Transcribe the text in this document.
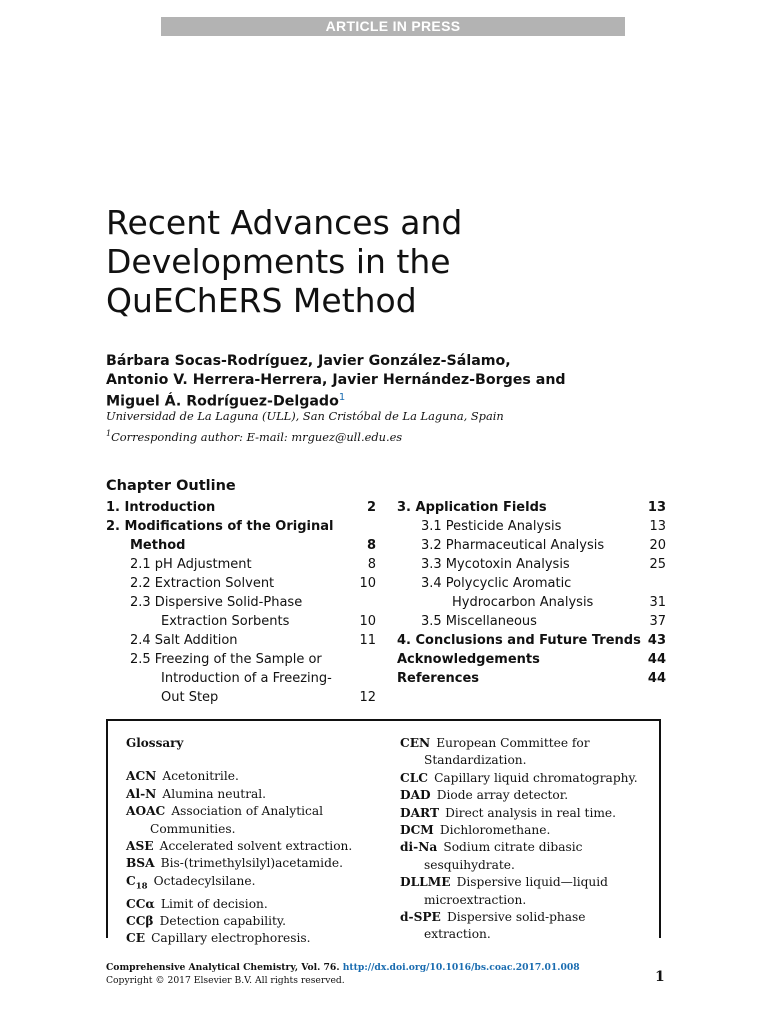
ARTICLE IN PRESS
Recent Advances and
Developments in the
QuEChERS Method
Bárbara Socas-Rodríguez, Javier González-Sálamo,
Antonio V. Herrera-Herrera, Javier Hernández-Borges and
Miguel Á. Rodríguez-Delgado$^1$
Universidad de La Laguna (ULL), San Cristóbal de La Laguna, Spain
$^1$Corresponding author: E-mail: mrguez@ull.edu.es
Chapter Outline
1. Introduction	2
2. Modifications of the Original
Method	8
2.1 pH Adjustment	8
2.2 Extraction Solvent	10
2.3 Dispersive Solid-Phase
Extraction Sorbents	10
2.4 Salt Addition	11
2.5 Freezing of the Sample or
Introduction of a Freezing-
Out Step	12
3. Application Fields	13
3.1 Pesticide Analysis	13
3.2 Pharmaceutical Analysis	20
3.3 Mycotoxin Analysis	25
3.4 Polycyclic Aromatic
Hydrocarbon Analysis	31
3.5 Miscellaneous	37
4. Conclusions and Future Trends 43
Acknowledgements	44
References	44
Glossary
ACN  Acetonitrile.
Al-N  Alumina neutral.
AOAC  Association of Analytical
Communities.
ASE  Accelerated solvent extraction.
BSA  Bis-(trimethylsilyl)acetamide.
$C_{18}$  Octadecylsilane.
CCα  Limit of decision.
CCβ  Detection capability.
CE  Capillary electrophoresis.
CEN  European Committee for
Standardization.
CLC  Capillary liquid chromatography.
DAD  Diode array detector.
DART  Direct analysis in real time.
DCM  Dichloromethane.
di-Na  Sodium citrate dibasic
sesquihydrate.
DLLME  Dispersive liquid—liquid
microextraction.
d-SPE  Dispersive solid-phase
extraction.
Comprehensive Analytical Chemistry, Vol. 76. http://dx.doi.org/10.1016/bs.coac.2017.01.008
Copyright © 2017 Elsevier B.V. All rights reserved.	1
